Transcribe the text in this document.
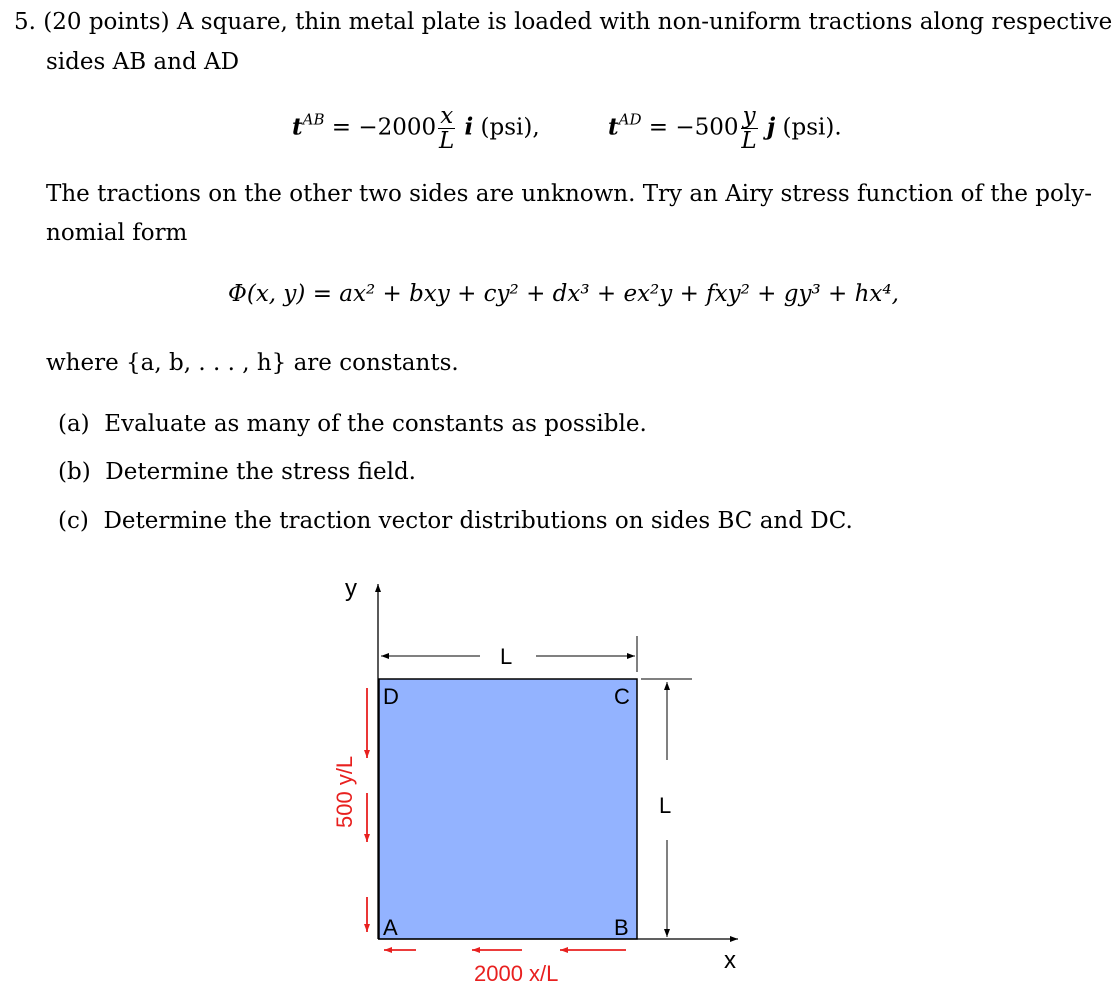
5. (20 points) A square, thin metal plate is loaded with non-uniform tractions along respective
sides AB and AD
$t^{AB} = -2000 \frac{x}{L}$ i (psi),	$t^{AD} = -500 \frac{y}{L}$ j (psi).
The tractions on the other two sides are unknown. Try an Airy stress function of the poly-
nomial form
Φ(x, y) = ax² + bxy + cy² + dx³ + ex²y + fxy² + gy³ + hx⁴,
where {a, b, . . . , h} are constants.
(a) Evaluate as many of the constants as possible.
(b) Determine the stress field.
(c) Determine the traction vector distributions on sides BC and DC.
y
x
D	C
A	B
L
L
500 y/L
2000 x/L
